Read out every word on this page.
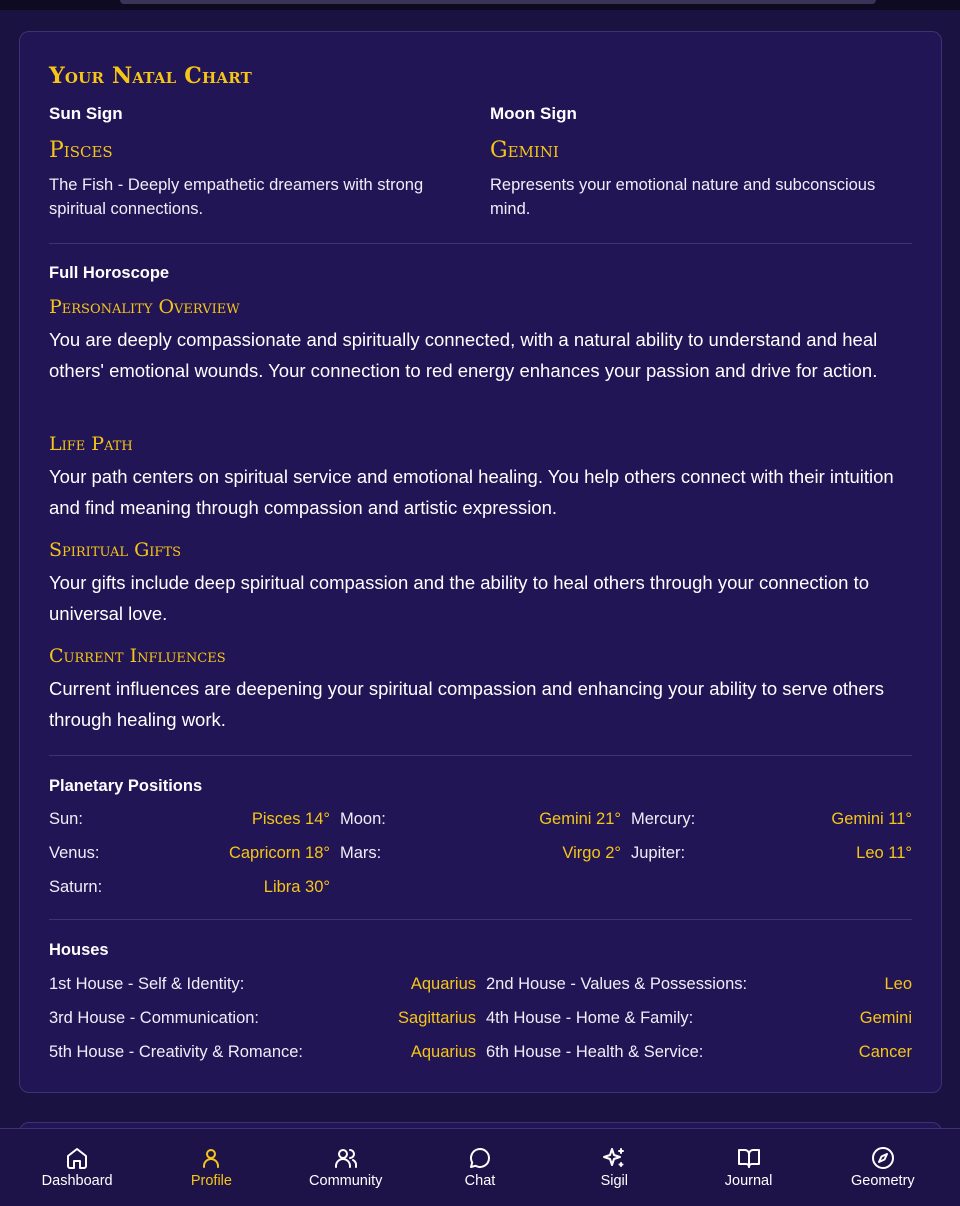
Your Natal Chart
Sun Sign
Pisces
The Fish - Deeply empathetic dreamers with strong spiritual connections.
Moon Sign
Gemini
Represents your emotional nature and subconscious mind.
Full Horoscope
Personality Overview
You are deeply compassionate and spiritually connected, with a natural ability to understand and heal others' emotional wounds. Your connection to red energy enhances your passion and drive for action.
Life Path
Your path centers on spiritual service and emotional healing. You help others connect with their intuition and find meaning through compassion and artistic expression.
Spiritual Gifts
Your gifts include deep spiritual compassion and the ability to heal others through your connection to universal love.
Current Influences
Current influences are deepening your spiritual compassion and enhancing your ability to serve others through healing work.
Planetary Positions
Sun:	Pisces 14° Moon:	Gemini 21° Mercury:	Gemini 11°
Venus:	Capricorn 18° Mars:	Virgo 2° Jupiter:	Leo 11°
Saturn:	Libra 30°
Houses
1st House - Self & Identity:	Aquarius 2nd House - Values & Possessions:	Leo
3rd House - Communication:	Sagittarius 4th House - Home & Family:	Gemini
5th House - Creativity & Romance:	Aquarius 6th House - Health & Service:	Cancer
Dashboard	Profile	Community	Chat	Sigil	Journal	Geometry
